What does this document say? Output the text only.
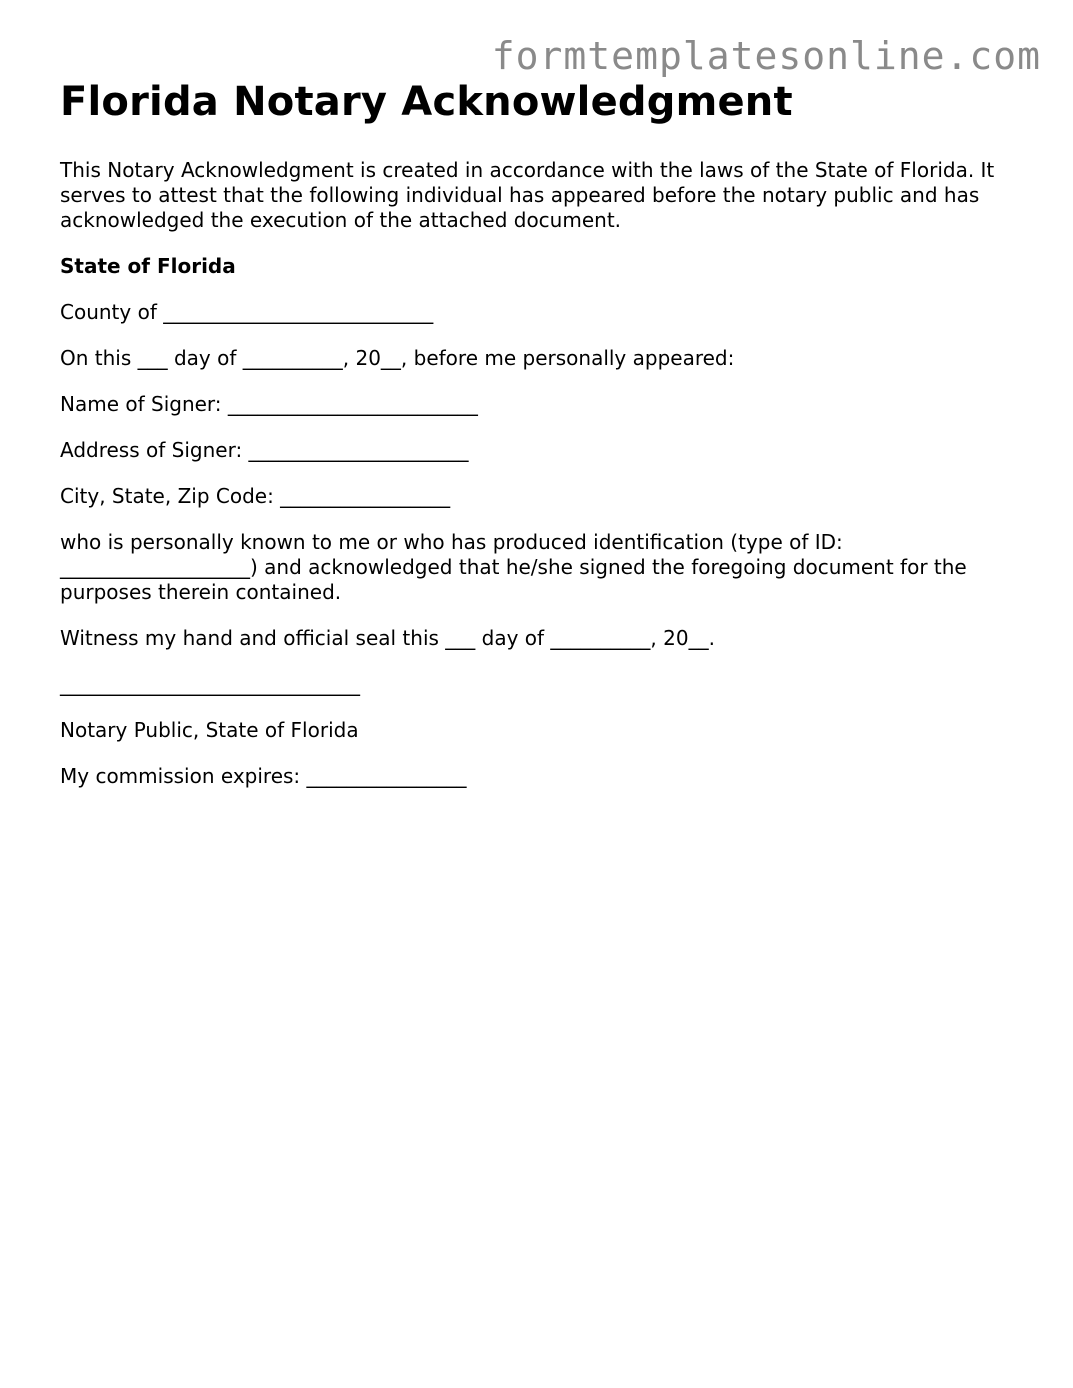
formtemplatesonline.com
Florida Notary Acknowledgment

This Notary Acknowledgment is created in accordance with the laws of the State of Florida. It serves to attest that the following individual has appeared before the notary public and has acknowledged the execution of the attached document.

State of Florida

County of ___________________________

On this ___ day of __________, 20__, before me personally appeared:

Name of Signer: _________________________

Address of Signer: ______________________

City, State, Zip Code: _________________

who is personally known to me or who has produced identification (type of ID: ___________________) and acknowledged that he/she signed the foregoing document for the purposes therein contained.

Witness my hand and official seal this ___ day of __________, 20__.

______________________________

Notary Public, State of Florida

My commission expires: ________________
